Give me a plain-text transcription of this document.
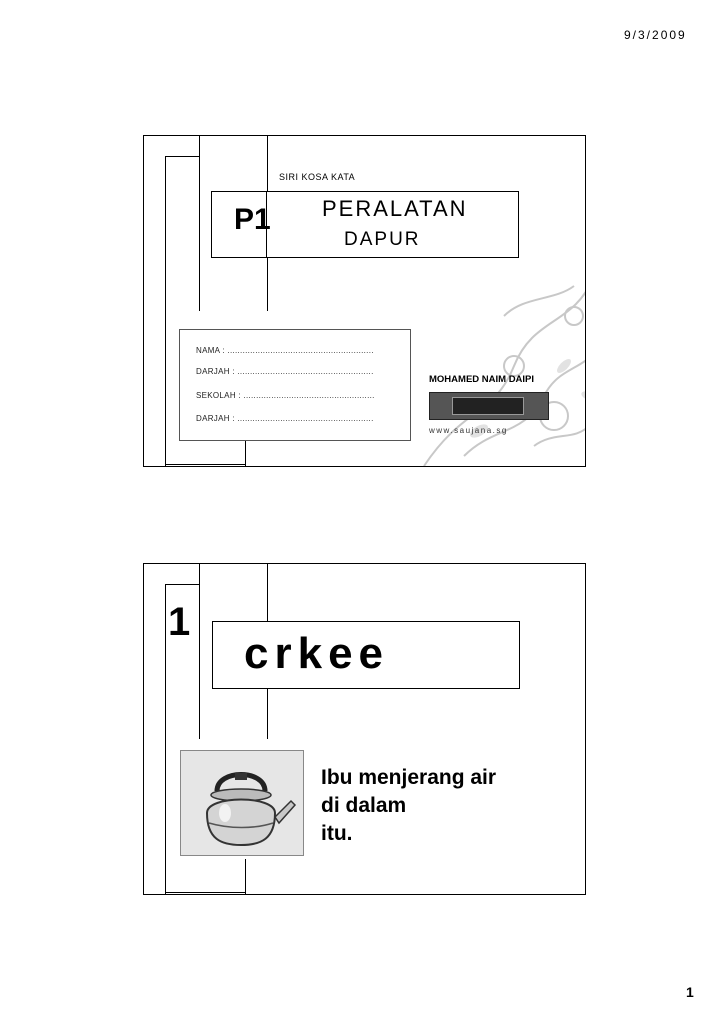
9/3/2009
SIRI KOSA KATA
P1 PERALATAN
DAPUR
NAMA : ..........................................................
DARJAH : ......................................................
SEKOLAH : ....................................................
DARJAH : ......................................................
MOHAMED NAIM DAIPI
www.saujana.sg
1
crkee
Ibu menjerang air
di dalam
itu.
1
